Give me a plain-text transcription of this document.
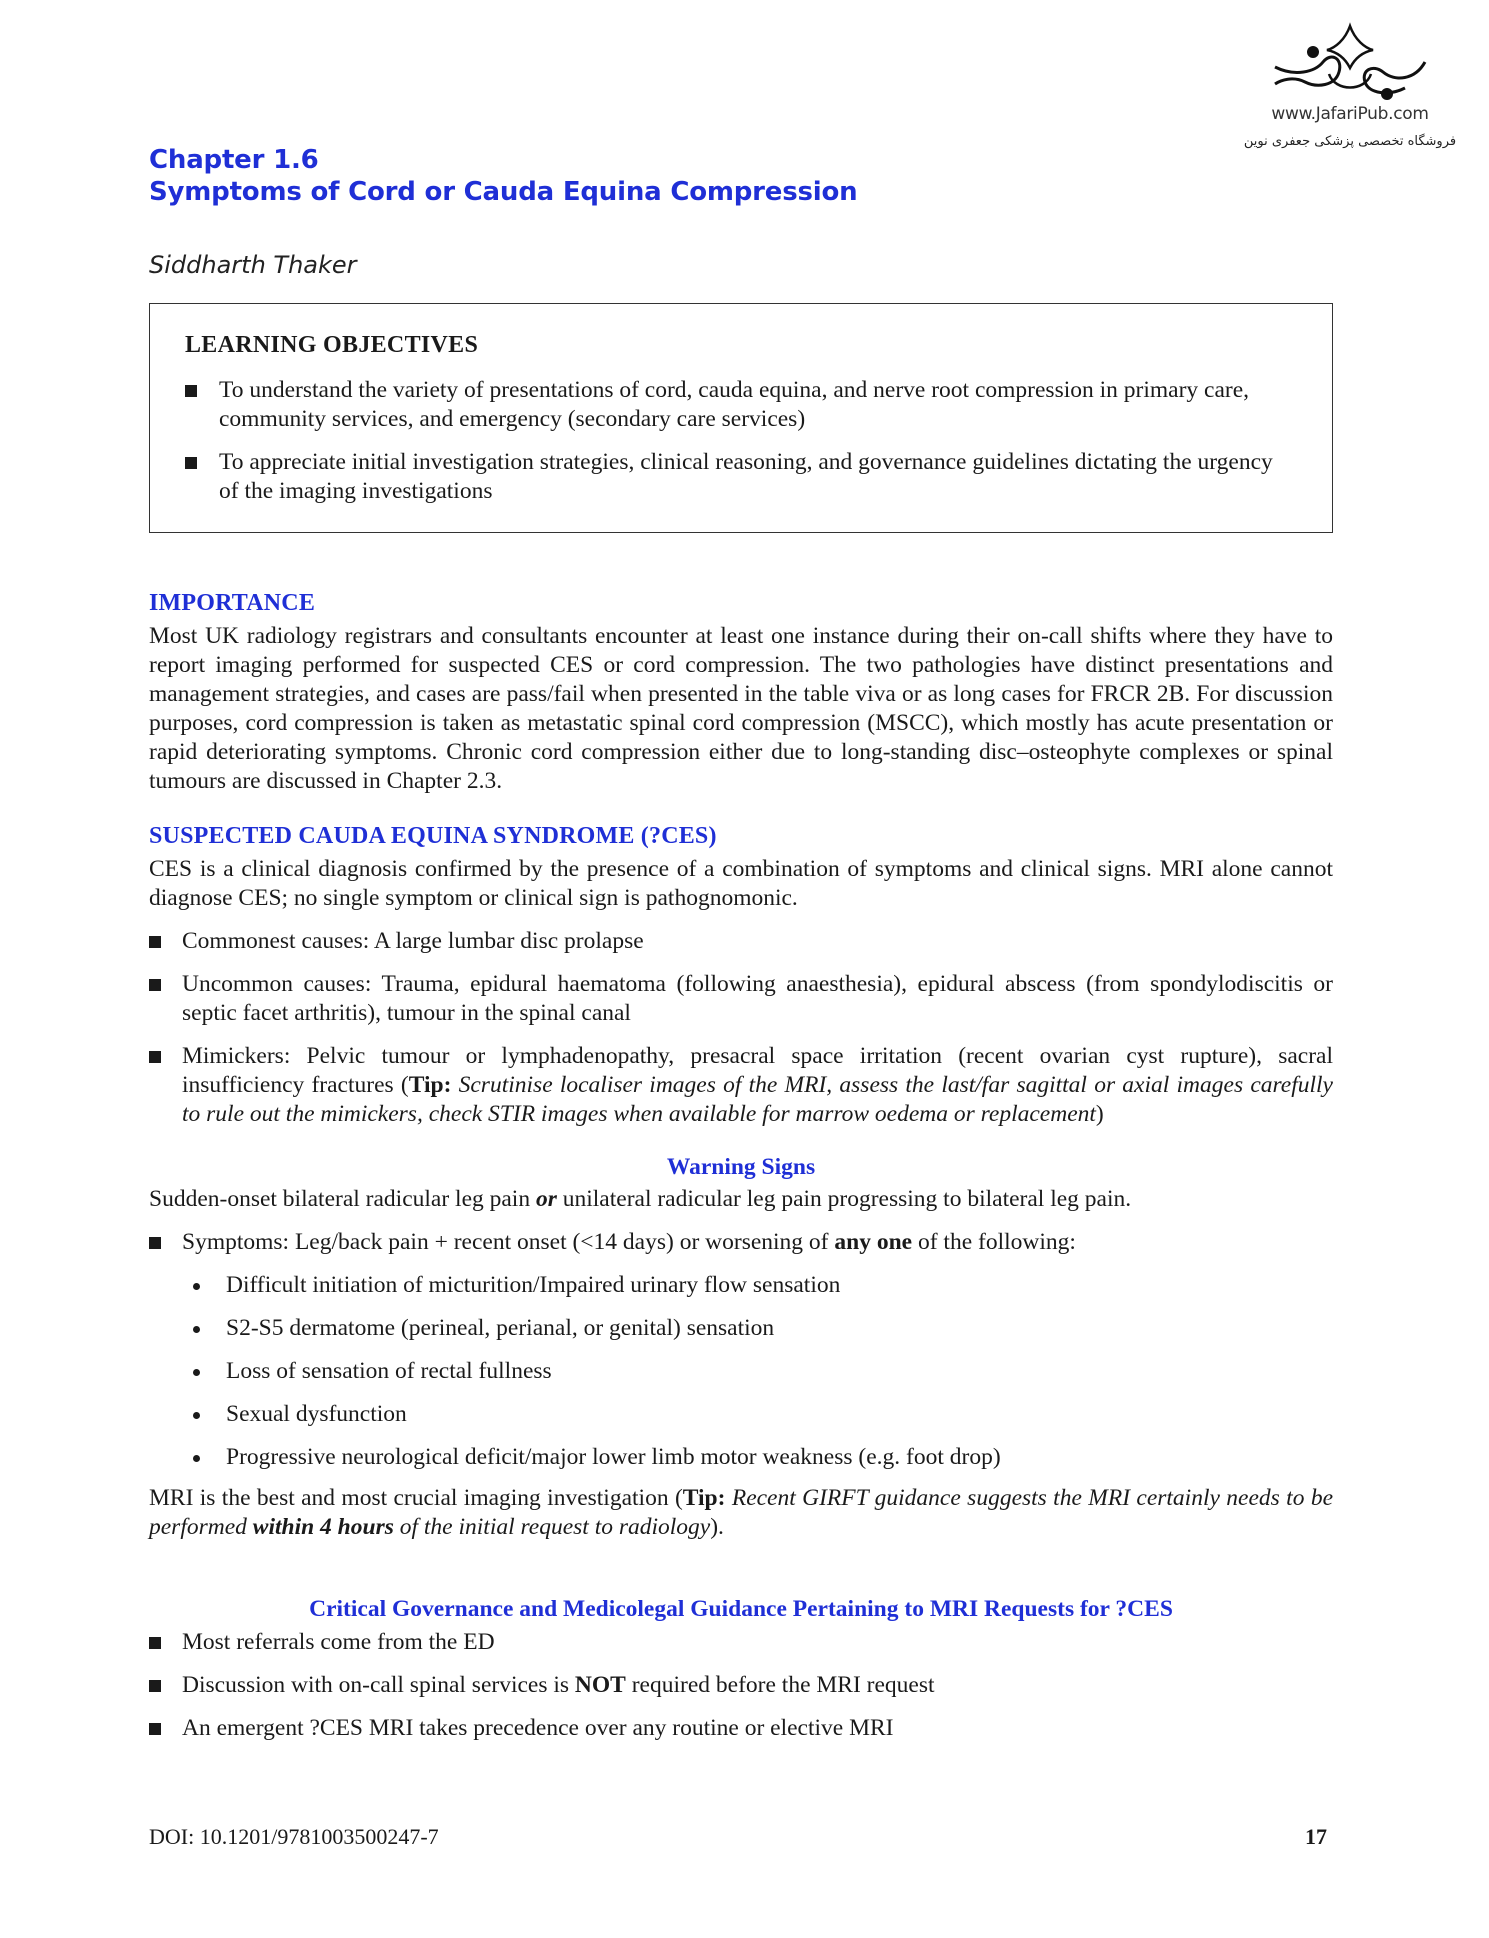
www.JafariPub.com
فروشگاه تخصصی پزشکی جعفری نوین
Chapter 1.6
Symptoms of Cord or Cauda Equina Compression
Siddharth Thaker
LEARNING OBJECTIVES
To understand the variety of presentations of cord, cauda equina, and nerve root compression in primary care, community services, and emergency (secondary care services)
To appreciate initial investigation strategies, clinical reasoning, and governance guidelines dictating the urgency of the imaging investigations
IMPORTANCE

Most UK radiology registrars and consultants encounter at least one instance during their on-call shifts where they have to report imaging performed for suspected CES or cord compression. The two pathologies have distinct presentations and management strategies, and cases are pass/fail when presented in the table viva or as long cases for FRCR 2B. For discussion purposes, cord compression is taken as metastatic spinal cord compression (MSCC), which mostly has acute presentation or rapid deteriorating symptoms. Chronic cord compression either due to long-standing disc–osteophyte complexes or spinal tumours are discussed in Chapter 2.3.

SUSPECTED CAUDA EQUINA SYNDROME (?CES)

CES is a clinical diagnosis confirmed by the presence of a combination of symptoms and clinical signs. MRI alone cannot diagnose CES; no single symptom or clinical sign is pathognomonic.

Commonest causes: A large lumbar disc prolapse
Uncommon causes: Trauma, epidural haematoma (following anaesthesia), epidural abscess (from spondylodiscitis or septic facet arthritis), tumour in the spinal canal
Mimickers: Pelvic tumour or lymphadenopathy, presacral space irritation (recent ovarian cyst rupture), sacral insufficiency fractures (Tip: Scrutinise localiser images of the MRI, assess the last/far sagittal or axial images carefully to rule out the mimickers, check STIR images when available for marrow oedema or replacement)
Warning Signs

Sudden-onset bilateral radicular leg pain or unilateral radicular leg pain progressing to bilateral leg pain.

Symptoms: Leg/back pain + recent onset (<14 days) or worsening of any one of the following:
Difficult initiation of micturition/Impaired urinary flow sensation
S2-S5 dermatome (perineal, perianal, or genital) sensation
Loss of sensation of rectal fullness
Sexual dysfunction
Progressive neurological deficit/major lower limb motor weakness (e.g. foot drop)

MRI is the best and most crucial imaging investigation (Tip: Recent GIRFT guidance suggests the MRI certainly needs to be performed within 4 hours of the initial request to radiology).

Critical Governance and Medicolegal Guidance Pertaining to MRI Requests for ?CES
Most referrals come from the ED
Discussion with on-call spinal services is NOT required before the MRI request
An emergent ?CES MRI takes precedence over any routine or elective MRI
DOI: 10.1201/9781003500247-7	17
